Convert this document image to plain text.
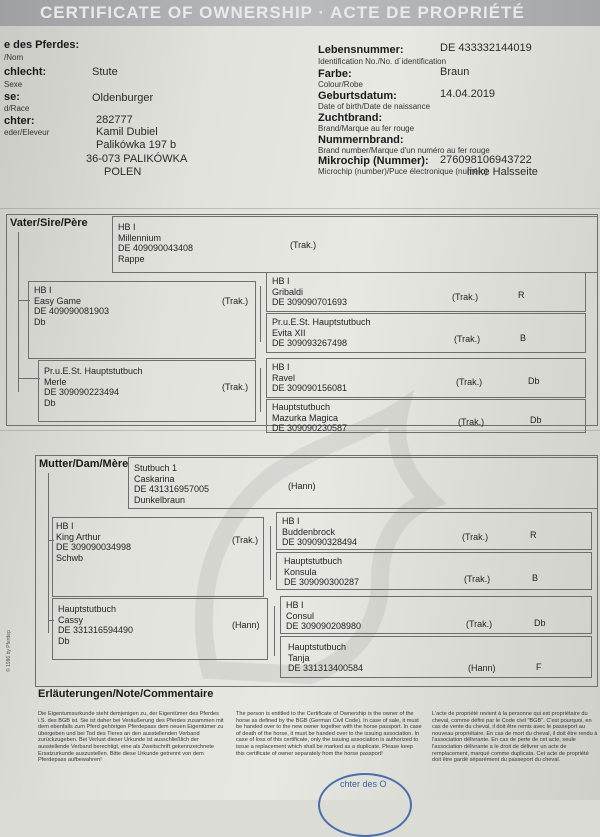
CERTIFICATE OF OWNERSHIP · ACTE DE PROPRIÉTÉ
e des Pferdes:
/Nom
chlecht:
Sexe
Stute
se:
d/Race
Oldenburger
chter:
eder/Eleveur
282777
Kamil Dubiel
Palikówka 197 b
36-073 PALIKÓWKA
POLEN
Lebensnummer:
Identification No./No. d´identification
DE 433332144019
Farbe:
Colour/Robe
Braun
Geburtsdatum:
Date of birth/Date de naissance
14.04.2019
Zuchtbrand:
Brand/Marque au fer rouge
Nummernbrand:
Brand number/Marque d'un numéro au fer rouge
Mikrochip (Nummer):
Microchip (number)/Puce électronique (numéro)
276098106943722
linke Halsseite
Vater/Sire/Père	HB I
Millennium
DE 409090043408
Rappe
(Trak.)
HB I
Easy Game
DE 409090081903
Db
(Trak.)
Pr.u.E.St. Hauptstutbuch
Merle
DE 309090223494
Db
(Trak.)
HB I
Gribaldi
DE 309090701693	(Trak.)	R
Pr.u.E.St. Hauptstutbuch
Evita XII
DE 309093267498	(Trak.)	B
HB I
Ravel
DE 309090156081
(Trak.)	Db
Hauptstutbuch
Mazurka Magica
DE 309090230587
(Trak.)	Db
Mutter/Dam/Mère Stutbuch 1
Caskarina
DE 431316957005
Dunkelbraun
(Hann)
HB I
King Arthur
DE 309090034998
Schwb
(Trak.)
Hauptstutbuch
Cassy
DE 331316594490
Db
(Hann)
HB I
Buddenbrock
DE 309090328494	(Trak.)	R
Hauptstutbuch
Konsula
DE 309090300287	(Trak.)	B
HB I
Consul
DE 309090208980	(Trak.)	Db
Hauptstutbuch
Tanja
DE 331313400584	(Hann)	F
© 1996 by Pferdep
Erläuterungen/Note/Commentaire
Die Eigentumsurkunde steht demjenigen zu, der Eigentümer des Pferdes i.S. des BGB ist. Sie ist daher bei Veräußerung des Pferdes zusammen mit dem ebenfalls zum Pferd gehörigen Pferdepass dem neuen Eigentümer zu übergeben und bei Tod des Tieres an den ausstellenden Verband zurückzugeben. Bei Verlust dieser Urkunde ist ausschließlich der ausstellende Verband berechtigt, eine als Zweitschrift gekennzeichnete Ersatzurkunde auszustellen. Bitte diese Urkunde getrennt von dem Pferdepass aufbewahren!
The person is entitled to the Certificate of Ownership is the owner of the horse as defined by the BGB (German Civil Code). In case of sale, it must be handed over to the new owner together with the horse passport. In case of death of the horse, it must be handed over to the issuing association. In case of loss of this certificate, only the issuing association is authorized to issue a replacement which shall be marked as a duplicate. Please keep this certificate of owner separately from the horse passport!
L'acte de propriété revient à la personne qui est propriétaire du cheval, comme défini par le Code civil "BGB". C'est pourquoi, en cas de vente du cheval, il doit être remis avec le passeport au nouveau propriétaire. En cas de mort du cheval, il doit être rendu à l'association délivrante. En cas de perte de cet acte, seule l'association délivrante a le droit de délivrer un acte de remplacement, marqué comme duplicata. Cet acte de propriété doit être gardé séparément du passeport du cheval.
chter des O
